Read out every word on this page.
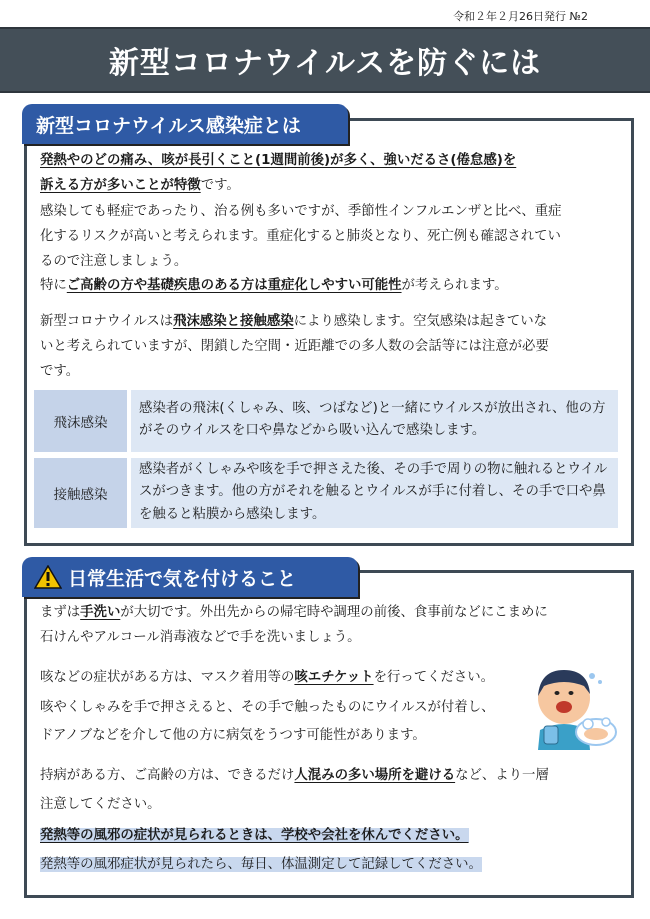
令和２年２月26日発行 №2
新型コロナウイルスを防ぐには
新型コロナウイルス感染症とは
発熱やのどの痛み、咳が長引くこと(1週間前後)が多く、強いだるさ(倦怠感)を
訴える方が多いことが特徴です。
感染しても軽症であったり、治る例も多いですが、季節性インフルエンザと比べ、重症
化するリスクが高いと考えられます。重症化すると肺炎となり、死亡例も確認されてい
るので注意しましょう。
特にご高齢の方や基礎疾患のある方は重症化しやすい可能性が考えられます。
新型コロナウイルスは飛沫感染と接触感染により感染します。空気感染は起きていな
いと考えられていますが、閉鎖した空間・近距離での多人数の会話等には注意が必要
です。
飛沫感染
感染者の飛沫(くしゃみ、咳、つばなど)と一緒にウイルスが放出され、他の方
がそのウイルスを口や鼻などから吸い込んで感染します。
接触感染
感染者がくしゃみや咳を手で押さえた後、その手で周りの物に触れるとウイル
スがつきます。他の方がそれを触るとウイルスが手に付着し、その手で口や鼻
を触ると粘膜から感染します。
日常生活で気を付けること
まずは手洗いが大切です。外出先からの帰宅時や調理の前後、食事前などにこまめに
石けんやアルコール消毒液などで手を洗いましょう。
咳などの症状がある方は、マスク着用等の咳エチケットを行ってください。
咳やくしゃみを手で押さえると、その手で触ったものにウイルスが付着し、
ドアノブなどを介して他の方に病気をうつす可能性があります。
持病がある方、ご高齢の方は、できるだけ人混みの多い場所を避けるなど、より一層
注意してください。
発熱等の風邪の症状が見られるときは、学校や会社を休んでください。
発熱等の風邪症状が見られたら、毎日、体温測定して記録してください。
